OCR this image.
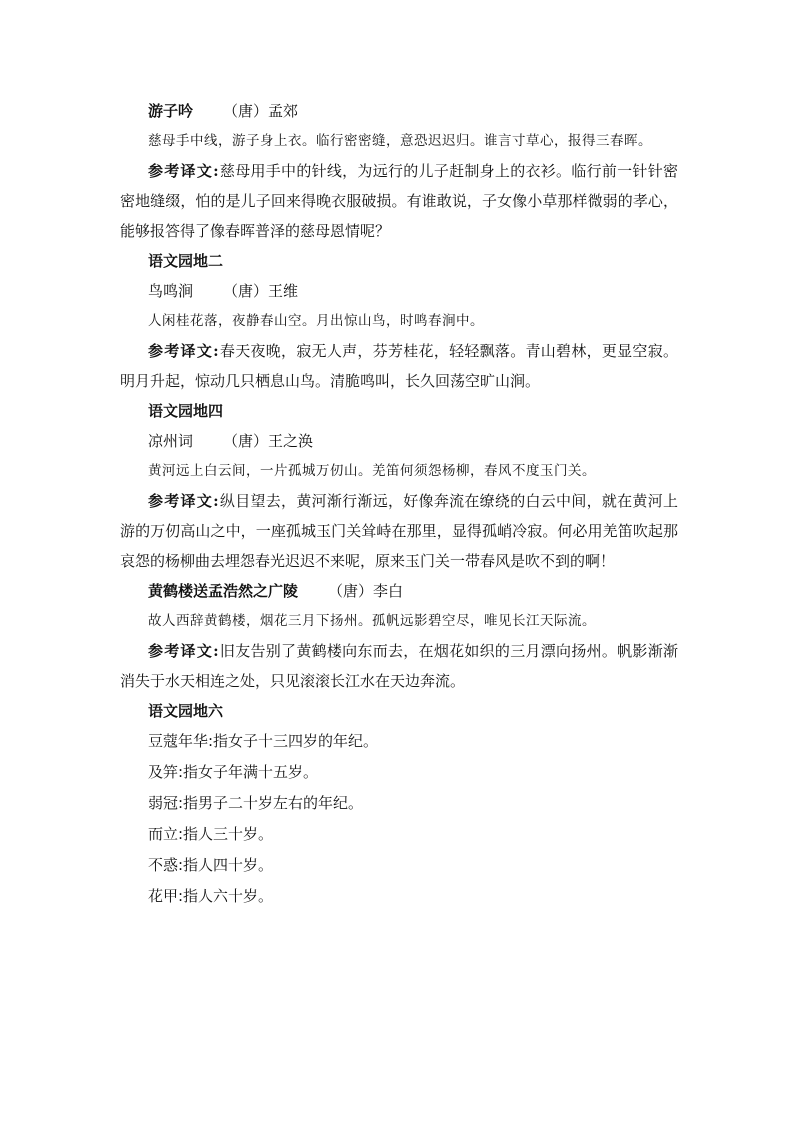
游子吟 （唐）孟郊
慈母手中线，游子身上衣。临行密密缝，意恐迟迟归。谁言寸草心，报得三春晖。
参考译文:慈母用手中的针线，为远行的儿子赶制身上的衣衫。临行前一针针密密地缝缀，怕的是儿子回来得晚衣服破损。有谁敢说，子女像小草那样微弱的孝心，能够报答得了像春晖普泽的慈母恩情呢？
语文园地二
鸟鸣涧 （唐）王维
人闲桂花落，夜静春山空。月出惊山鸟，时鸣春涧中。
参考译文:春天夜晚，寂无人声，芬芳桂花，轻轻飘落。青山碧林，更显空寂。明月升起，惊动几只栖息山鸟。清脆鸣叫，长久回荡空旷山涧。
语文园地四
凉州词 （唐）王之涣
黄河远上白云间，一片孤城万仞山。羌笛何须怨杨柳，春风不度玉门关。
参考译文:纵目望去，黄河渐行渐远，好像奔流在缭绕的白云中间，就在黄河上游的万仞高山之中，一座孤城玉门关耸峙在那里，显得孤峭冷寂。何必用羌笛吹起那哀怨的杨柳曲去埋怨春光迟迟不来呢，原来玉门关一带春风是吹不到的啊！
黄鹤楼送孟浩然之广陵 （唐）李白
故人西辞黄鹤楼，烟花三月下扬州。孤帆远影碧空尽，唯见长江天际流。
参考译文:旧友告别了黄鹤楼向东而去，在烟花如织的三月漂向扬州。帆影渐渐消失于水天相连之处，只见滚滚长江水在天边奔流。
语文园地六
豆蔻年华:指女子十三四岁的年纪。
及笄:指女子年满十五岁。
弱冠:指男子二十岁左右的年纪。
而立:指人三十岁。
不惑:指人四十岁。
花甲:指人六十岁。
